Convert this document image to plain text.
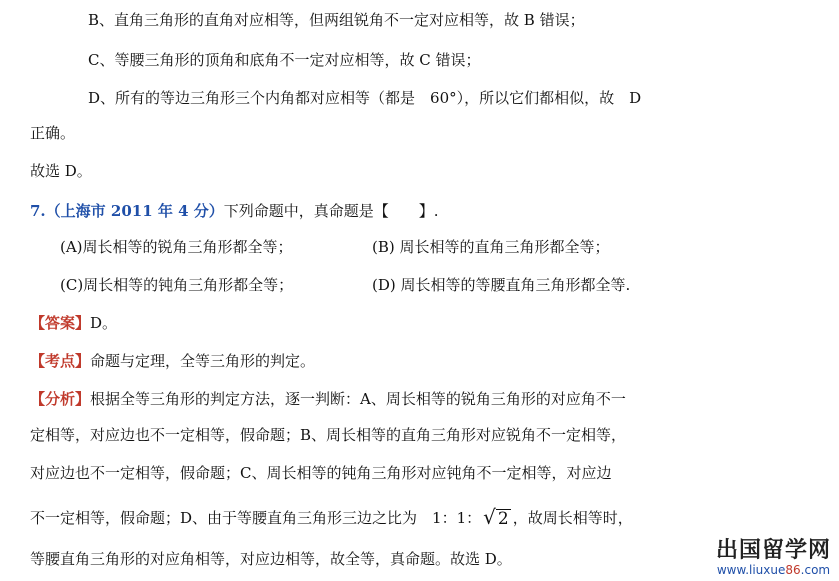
B、直角三角形的直角对应相等，但两组锐角不一定对应相等，故 B 错误；
C、等腰三角形的顶角和底角不一定对应相等，故 C 错误；
D、所有的等边三角形三个内角都对应相等（都是　60°），所以它们都相似，故　D
正确。
故选 D。
7.（上海市 2011 年 4 分）下列命题中，真命题是【　　】.
(A)周长相等的锐角三角形都全等；	(B) 周长相等的直角三角形都全等；
(C)周长相等的钝角三角形都全等；	(D) 周长相等的等腰直角三角形都全等.
【答案】D。
【考点】命题与定理，全等三角形的判定。
【分析】根据全等三角形的判定方法，逐一判断：A、周长相等的锐角三角形的对应角不一
定相等，对应边也不一定相等，假命题；B、周长相等的直角三角形对应锐角不一定相等，
对应边也不一定相等，假命题；C、周长相等的钝角三角形对应钝角不一定相等，对应边
不一定相等，假命题；D、由于等腰直角三角形三边之比为　1：1： √ 2 ，故周长相等时，
等腰直角三角形的对应角相等，对应边相等，故全等，真命题。故选 D。	出国留学网
www.liuxue86.com
